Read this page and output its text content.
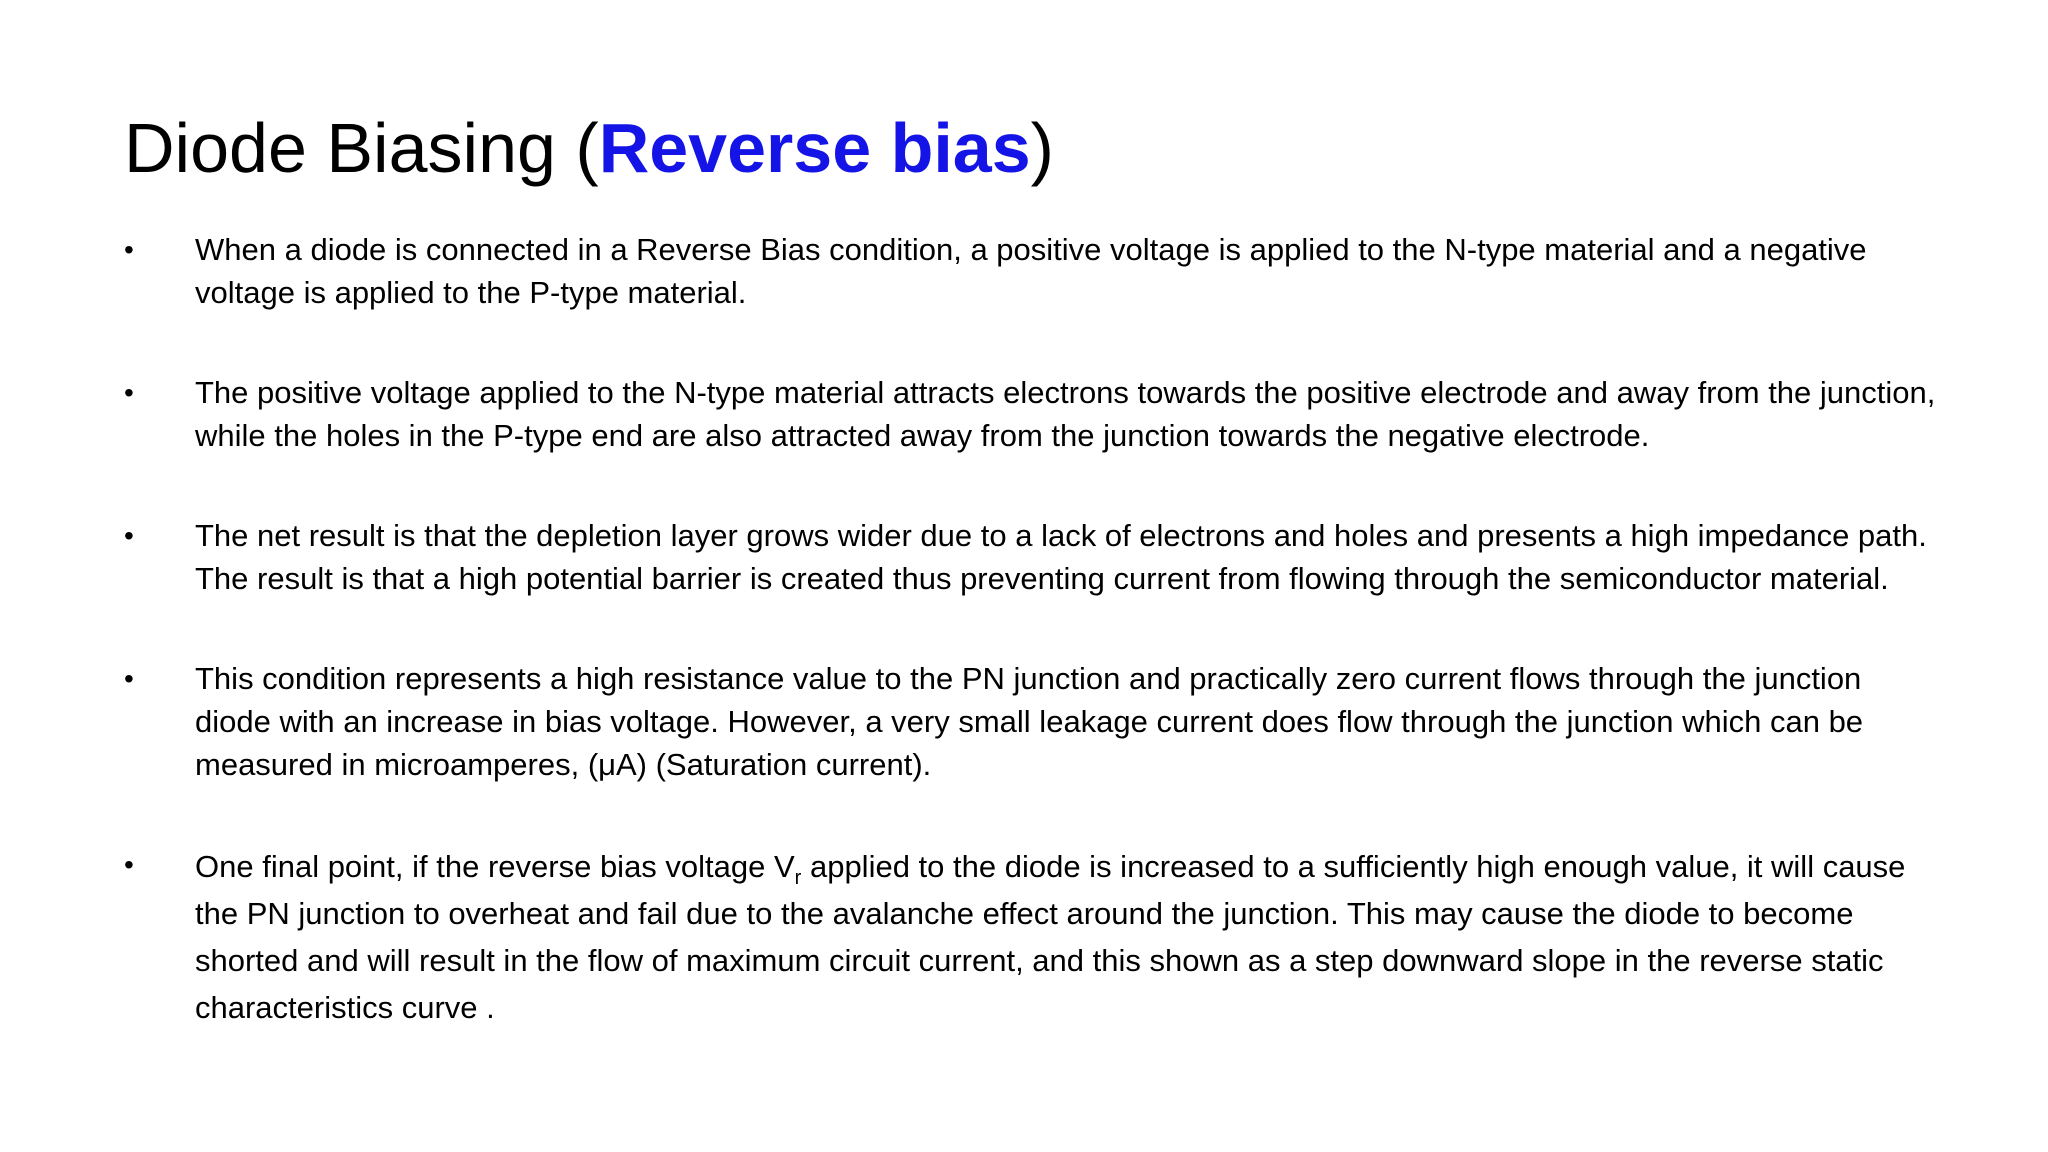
Diode Biasing (Reverse bias)
•	When a diode is connected in a Reverse Bias condition, a positive voltage is applied to the N-type material and a negative voltage is applied to the P-type material.
•	The positive voltage applied to the N-type material attracts electrons towards the positive electrode and away from the junction, while the holes in the P-type end are also attracted away from the junction towards the negative electrode.
•	The net result is that the depletion layer grows wider due to a lack of electrons and holes and presents a high impedance path. The result is that a high potential barrier is created thus preventing current from flowing through the semiconductor material.
•	This condition represents a high resistance value to the PN junction and practically zero current flows through the junction diode with an increase in bias voltage. However, a very small leakage current does flow through the junction which can be measured in microamperes, (μA) (Saturation current).
•	One final point, if the reverse bias voltage $V_r$ applied to the diode is increased to a sufficiently high enough value, it will cause the PN junction to overheat and fail due to the avalanche effect around the junction. This may cause the diode to become shorted and will result in the flow of maximum circuit current, and this shown as a step downward slope in the reverse static characteristics curve .
